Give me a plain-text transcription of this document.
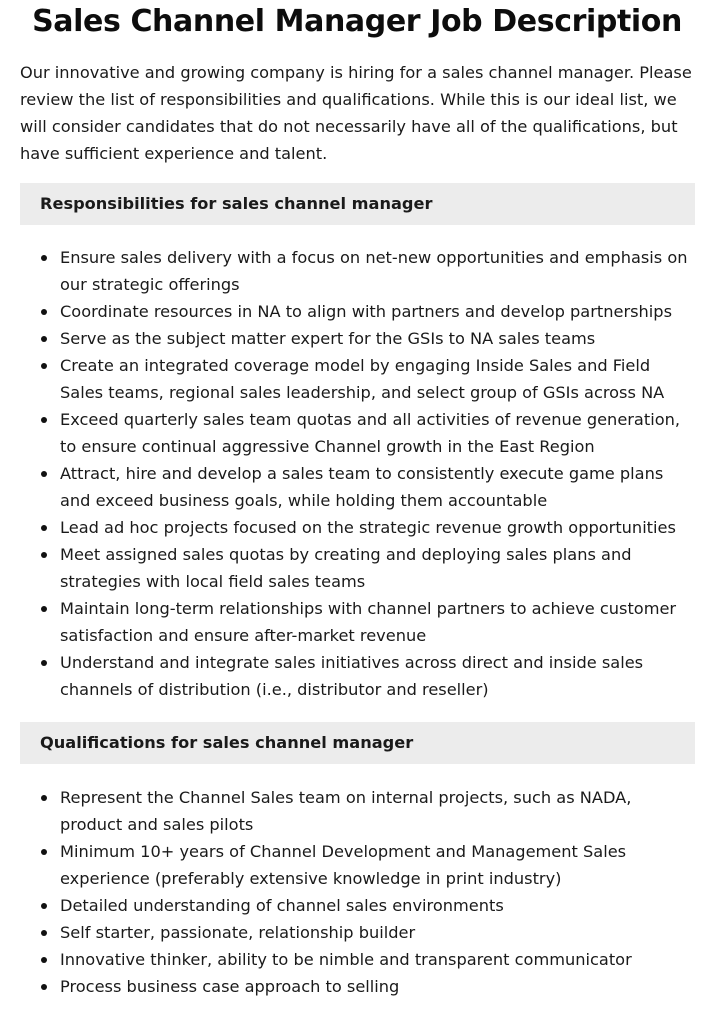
Sales Channel Manager Job Description

Our innovative and growing company is hiring for a sales channel manager. Please review the list of responsibilities and qualifications. While this is our ideal list, we will consider candidates that do not necessarily have all of the qualifications, but have sufficient experience and talent.

Responsibilities for sales channel manager
Ensure sales delivery with a focus on net-new opportunities and emphasis on our strategic offerings
Coordinate resources in NA to align with partners and develop partnerships
Serve as the subject matter expert for the GSIs to NA sales teams
Create an integrated coverage model by engaging Inside Sales and Field Sales teams, regional sales leadership, and select group of GSIs across NA
Exceed quarterly sales team quotas and all activities of revenue generation, to ensure continual aggressive Channel growth in the East Region
Attract, hire and develop a sales team to consistently execute game plans and exceed business goals, while holding them accountable
Lead ad hoc projects focused on the strategic revenue growth opportunities
Meet assigned sales quotas by creating and deploying sales plans and strategies with local field sales teams
Maintain long-term relationships with channel partners to achieve customer satisfaction and ensure after-market revenue
Understand and integrate sales initiatives across direct and inside sales channels of distribution (i.e., distributor and reseller)
Qualifications for sales channel manager
Represent the Channel Sales team on internal projects, such as NADA, product and sales pilots
Minimum 10+ years of Channel Development and Management Sales experience (preferably extensive knowledge in print industry)
Detailed understanding of channel sales environments
Self starter, passionate, relationship builder
Innovative thinker, ability to be nimble and transparent communicator
Process business case approach to selling
